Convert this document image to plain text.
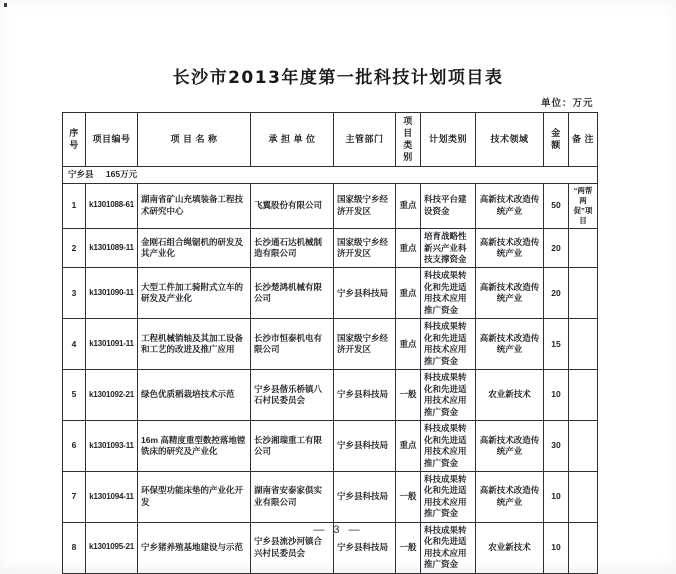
长沙市2013年度第一批科技计划项目表
单位：万元
序号	项目编号	项 目 名 称	承 担 单 位	主管部门	项目类别	计划类别	技术领域	金额	备 注
宁乡县 165万元									
1	k1301088-61	湖南省矿山充填装备工程技术研究中心	飞翼股份有限公司	国家级宁乡经济开发区	重点	科技平台建设资金	高新技术改造传统产业	50	“两帮两促”项目
2	k1301089-11	金刚石组合绳锯机的研发及其产业化	长沙通石达机械制造有限公司	国家级宁乡经济开发区	重点	培育战略性新兴产业科技支撑资金	高新技术改造传统产业	20	
3	k1301090-11	大型工件加工骑附式立车的研发及产业化	长沙楚鸿机械有限公司	宁乡县科技局	重点	科技成果转化和先进适用技术应用推广资金	高新技术改造传统产业	20	
4	k1301091-11	工程机械销轴及其加工设备和工艺的改进及推广应用	长沙市恒泰机电有限公司	国家级宁乡经济开发区	重点	科技成果转化和先进适用技术应用推广资金	高新技术改造传统产业	15	
5	k1301092-21	绿色优质稻栽培技术示范	宁乡县偕乐桥镇八石村民委员会	宁乡县科技局	一般	科技成果转化和先进适用技术应用推广资金	农业新技术	10	
6	k1301093-11	16m 高精度重型数控落地镗铣床的研究及产业化	长沙湘瑞重工有限公司	宁乡县科技局	重点	科技成果转化和先进适用技术应用推广资金	高新技术改造传统产业	30	
7	k1301094-11	环保型功能床垫的产业化开发	湖南省安泰家俱实业有限公司	宁乡县科技局	一般	科技成果转化和先进适用技术应用推广资金	高新技术改造传统产业	10	
8	k1301095-21	宁乡猪养殖基地建设与示范	宁乡县流沙河镇合兴村民委员会	宁乡县科技局	一般	科技成果转化和先进适用技术应用推广资金	农业新技术	10	
— 3 —
